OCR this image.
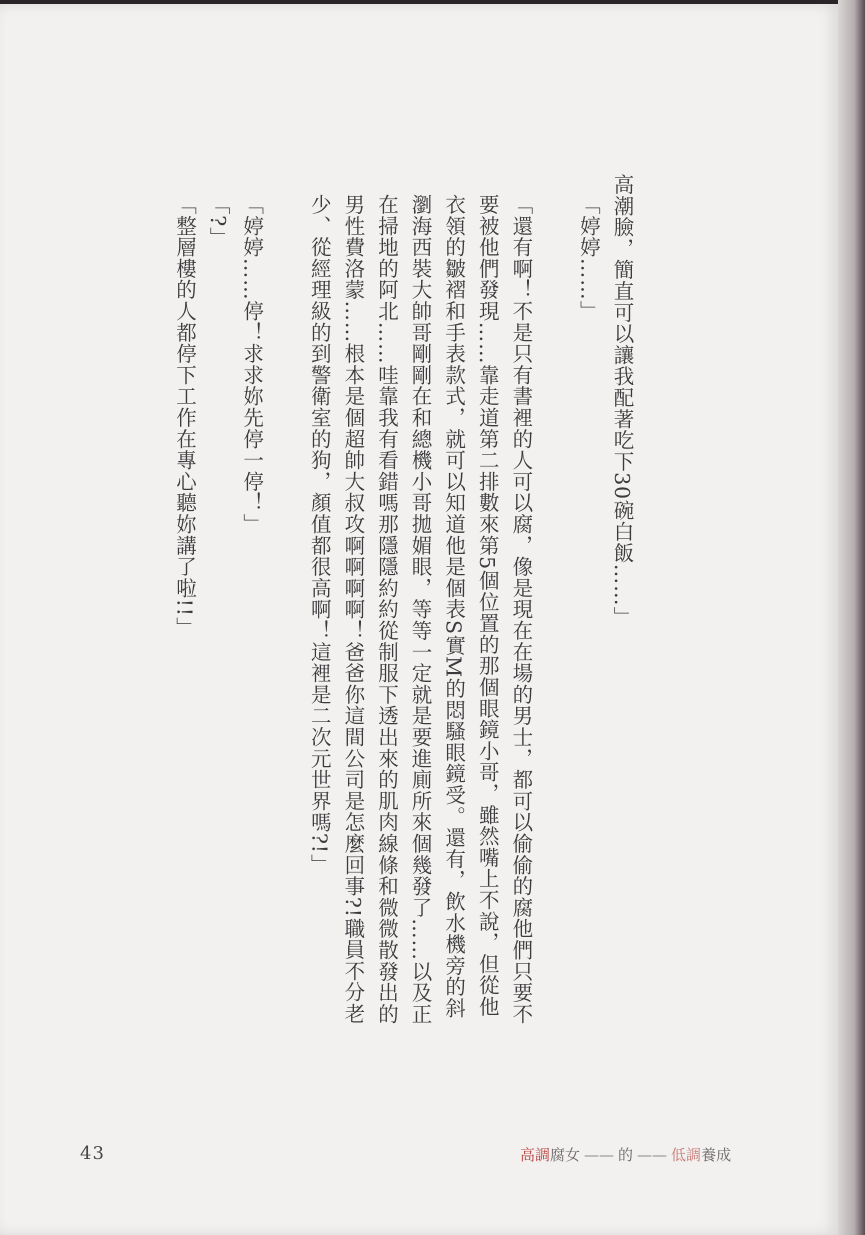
高潮臉，簡直可以讓我配著吃下30碗白飯……」

「婷婷……」

「還有啊！不是只有書裡的人可以腐，像是現在在場的男士，都可以偷偷的腐他們只要不要被他們發現……靠走道第二排數來第5個位置的那個眼鏡小哥，雖然嘴上不說，但從他衣領的皺褶和手表款式，就可以知道他是個表S實M的悶騷眼鏡受。還有，飲水機旁的斜瀏海西裝大帥哥剛剛在和總機小哥拋媚眼，等等一定就是要進廁所來個幾發了……以及正在掃地的阿北……哇靠我有看錯嗎那隱隱約約從制服下透出來的肌肉線條和微微散發出的男性費洛蒙……根本是個超帥大叔攻啊啊啊啊！爸爸你這間公司是怎麼回事?!職員不分老少、從經理級的到警衛室的狗，顏值都很高啊！這裡是二次元世界嗎?!」

「婷婷……停！求求妳先停一停！」

「?」

「整層樓的人都停下工作在專心聽妳講了啦!!」

43	高調腐女 —— 的 —— 低調養成
